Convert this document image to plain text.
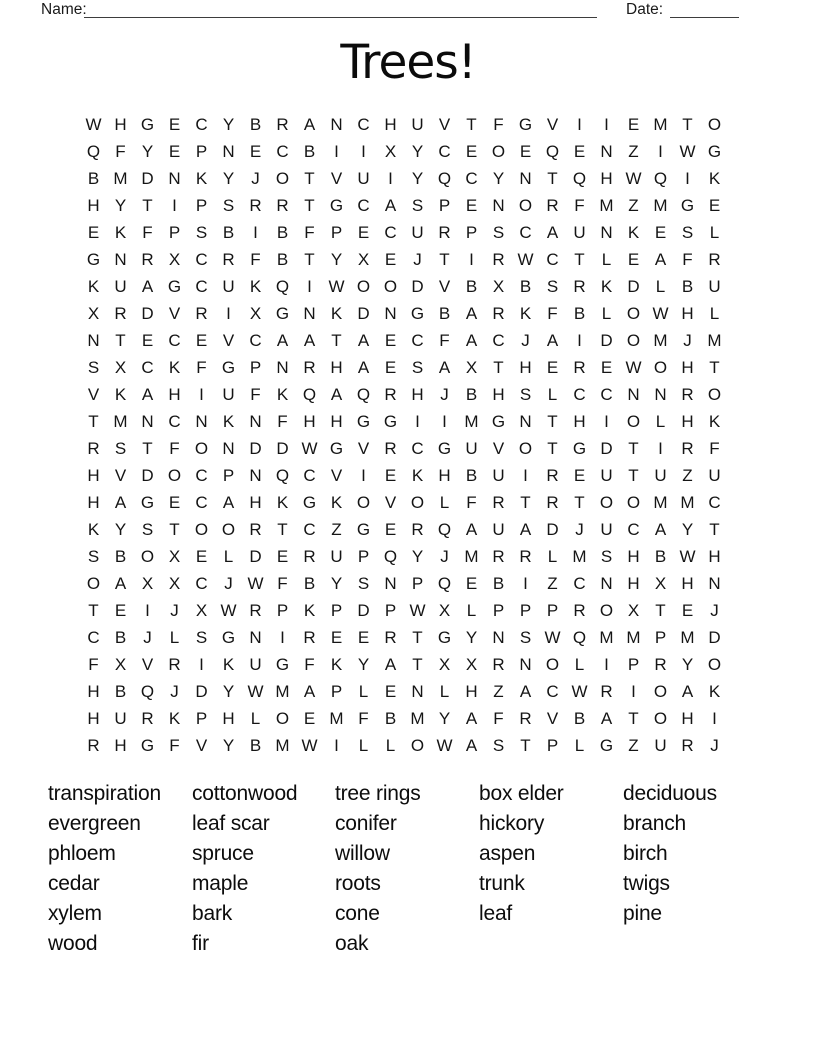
Name:	Date:
Trees!
W H G E C Y B R A N C H U V T F G V	I	I	E M T O
Q F Y E P N E C B	I	I	X Y C E O E Q E N Z	I W G
B M D N K Y	J O T V U	I	Y Q C Y N T Q H W Q	I	K
H Y T	I	P S R R T G C A S P E N O R F M Z M G E
E K F P S B	I	B F P E C U R P S C A U N K E S L
G N R X C R F B T Y X E	J	T	I	R W C T	L E A F R
K U A G C U K Q	I W O O D V B X B S R K D L B U
X R D V R	I	X G N K D N G B A R K F B L O W H L
N T E C E V C A A T A E C F A C J	A	I	D O M J M
S X C K F G P N R H A E S A X T H E R E W O H T
V K A H	I	U F K Q A Q R H J	B H S L C C N N R O
T M N C N K N F H H G G	I	I	M G N T H	I	O L H K
R S T F O N D D W G V R C G U V O T G D T	I	R F
H V D O C P N Q C V	I	E K H B U	I	R E U T U Z U
H A G E C A H K G K O V O L	F R T R T O O M M C
K Y S T O O R T C Z G E R Q A U A D J U C A Y T
S B O X E L D E R U P Q Y	J M R R L M S H B W H
O A X X C J W F B Y S N P Q E B	I	Z C N H X H N
T E	I	J	X W R P K P D P W X L P P P R O X T E	J
C B	J	L S G N	I	R E E R T G Y N S W Q M M P M D
F X V R	I	K U G F K Y A T X X R N O L	I	P R Y O
H B Q J D Y W M A P L E N L H Z A C W R	I	O A K
H U R K P H L O E M F B M Y A F R V B A T O H	I
R H G F V Y B M W I	L	L O W A S T P L G Z U R J
transpiration
evergreen
phloem
cedar
xylem
wood
cottonwood
leaf scar
spruce
maple
bark
fir
tree rings
conifer
willow
roots
cone
oak
box elder
hickory
aspen
trunk
leaf
deciduous
branch
birch
twigs
pine
